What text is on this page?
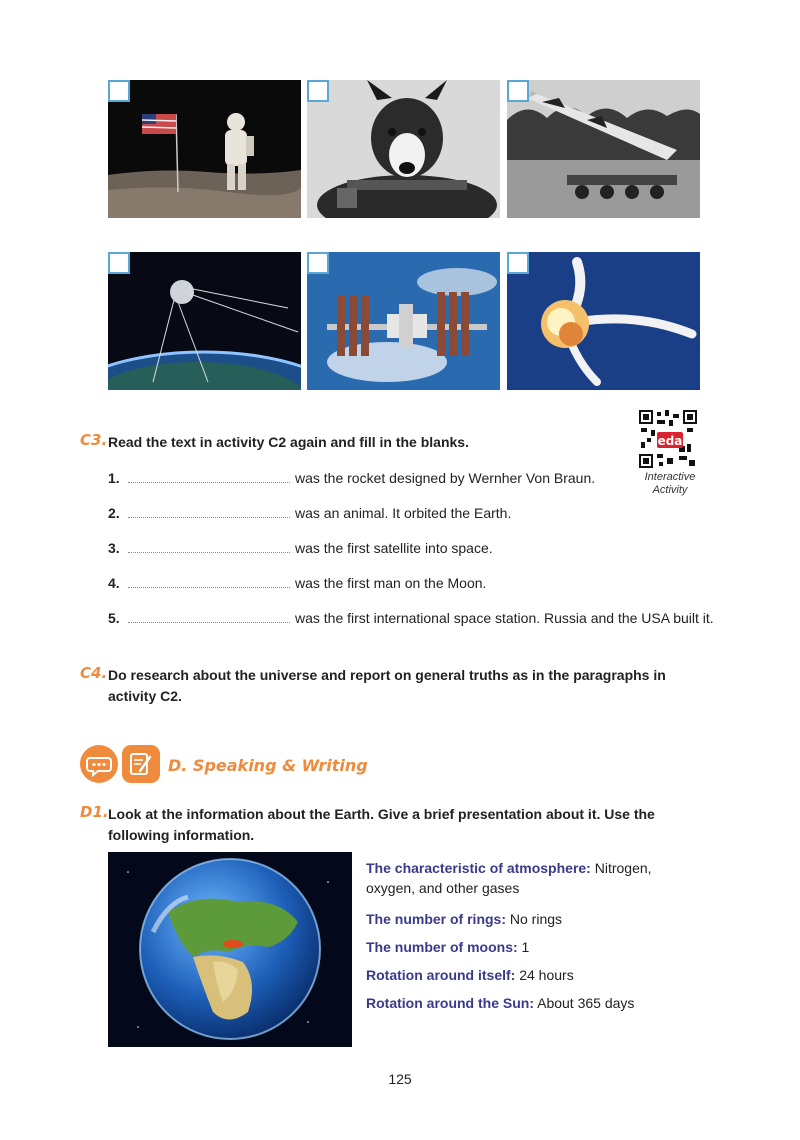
eda
Interactive
Activity
C3. Read the text in activity C2 again and fill in the blanks.
1.	was the rocket designed by Wernher Von Braun.
2.	was an animal. It orbited the Earth.
3.	was the first satellite into space.
4.	was the first man on the Moon.
5.	was the first international space station. Russia and the USA built it.
C4. Do research about the universe and report on general truths as in the paragraphs in
activity C2.
D. Speaking & Writing
D1. Look at the information about the Earth. Give a brief presentation about it. Use the
following information.
The characteristic of atmosphere: Nitrogen, oxygen, and other gases
The number of rings: No rings
The number of moons: 1
Rotation around itself: 24 hours
Rotation around the Sun: About 365 days
125
